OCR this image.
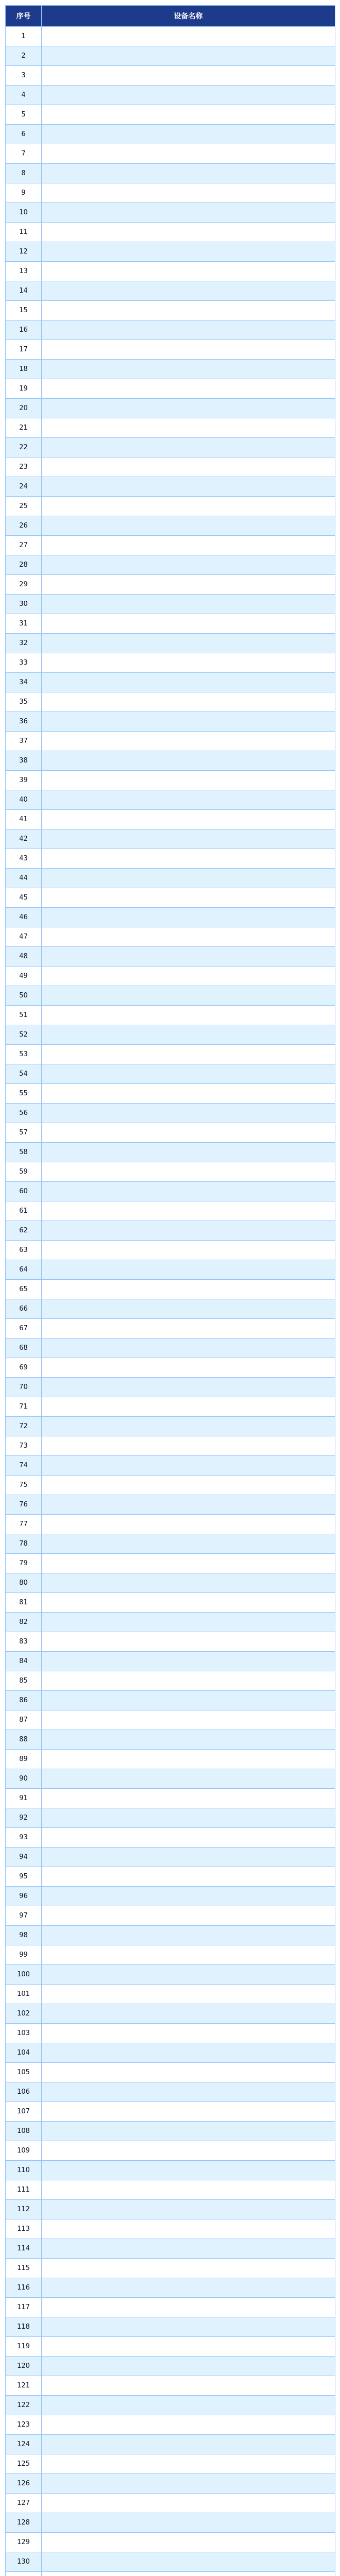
序号	设备名称
1	
2	
3	
4	
5	
6	
7	
8	
9	
10	
11	
12	
13	
14	
15	
16	
17	
18	
19	
20	
21	
22	
23	
24	
25	
26	
27	
28	
29	
30	
31	
32	
33	
34	
35	
36	
37	
38	
39	
40	
41	
42	
43	
44	
45	
46	
47	
48	
49	
50	
51	
52	
53	
54	
55	
56	
57	
58	
59	
60	
61	
62	
63	
64	
65	
66	
67	
68	
69	
70	
71	
72	
73	
74	
75	
76	
77	
78	
79	
80	
81	
82	
83	
84	
85	
86	
87	
88	
89	
90	
91	
92	
93	
94	
95	
96	
97	
98	
99	
100	
101	
102	
103	
104	
105	
106	
107	
108	
109	
110	
111	
112	
113	
114	
115	
116	
117	
118	
119	
120	
121	
122	
123	
124	
125	
126	
127	
128	
129	
130	
